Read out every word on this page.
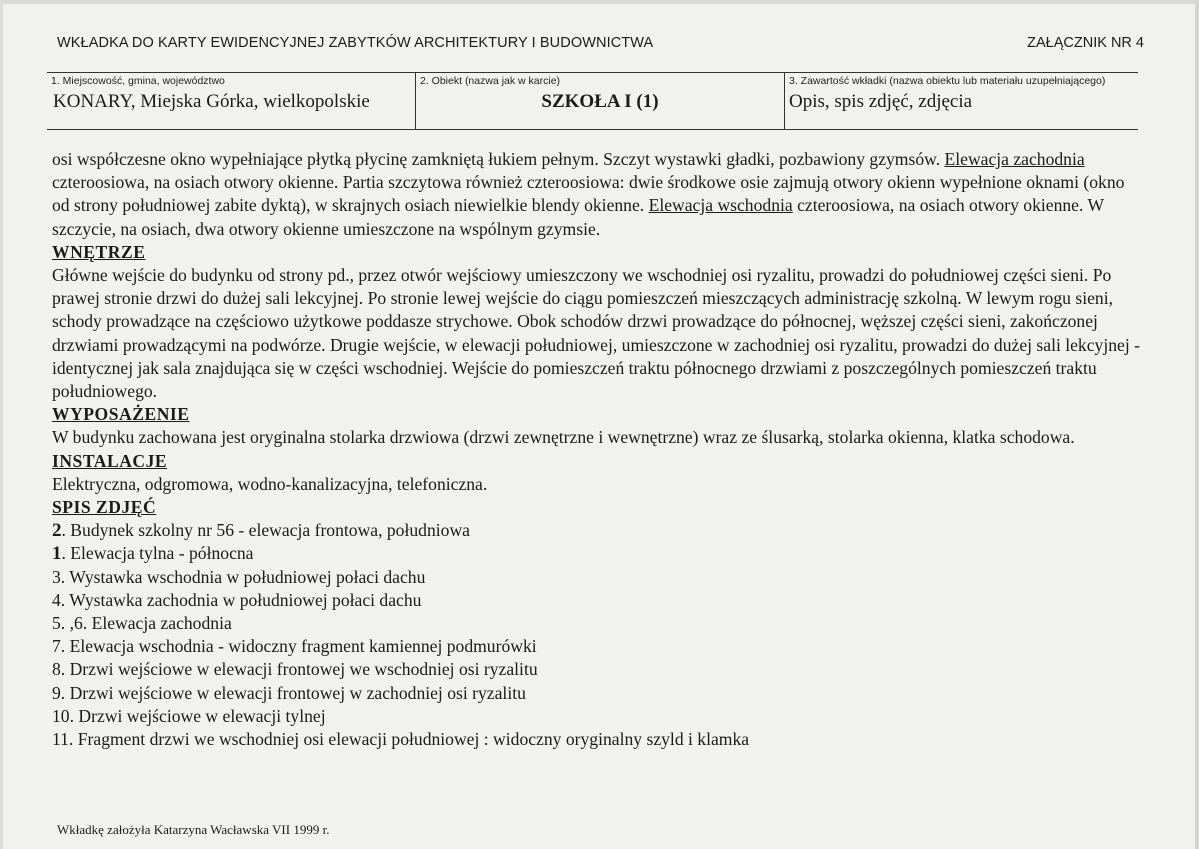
WKŁADKA DO KARTY EWIDENCYJNEJ ZABYTKÓW ARCHITEKTURY I BUDOWNICTWA	ZAŁĄCZNIK NR 4
1. Miejscowość, gmina, województwo
KONARY, Miejska Górka, wielkopolskie
2. Obiekt (nazwa jak w karcie)
SZKOŁA I (1)
3. Zawartość wkładki (nazwa obiektu lub materiału uzupełniającego)
Opis, spis zdjęć, zdjęcia

osi współczesne okno wypełniające płytką płycinę zamkniętą łukiem pełnym. Szczyt wystawki gładki, pozbawiony gzymsów. Elewacja zachodnia czteroosiowa, na osiach otwory okienne. Partia szczytowa również czteroosiowa: dwie środkowe osie zajmują otwory okienn wypełnione oknami (okno od strony południowej zabite dyktą), w skrajnych osiach niewielkie blendy okienne. Elewacja wschodnia czteroosiowa, na osiach otwory okienne. W szczycie, na osiach, dwa otwory okienne umieszczone na wspólnym gzymsie.

WNĘTRZE

Główne wejście do budynku od strony pd., przez otwór wejściowy umieszczony we wschodniej osi ryzalitu, prowadzi do południowej części sieni. Po prawej stronie drzwi do dużej sali lekcyjnej. Po stronie lewej wejście do ciągu pomieszczeń mieszczących administrację szkolną. W lewym rogu sieni, schody prowadzące na częściowo użytkowe poddasze strychowe. Obok schodów drzwi prowadzące do północnej, węższej części sieni, zakończonej drzwiami prowadzącymi na podwórze. Drugie wejście, w elewacji południowej, umieszczone w zachodniej osi ryzalitu, prowadzi do dużej sali lekcyjnej - identycznej jak sala znajdująca się w części wschodniej. Wejście do pomieszczeń traktu północnego drzwiami z poszczególnych pomieszczeń traktu południowego.

WYPOSAŻENIE

W budynku zachowana jest oryginalna stolarka drzwiowa (drzwi zewnętrzne i wewnętrzne) wraz ze ślusarką, stolarka okienna, klatka schodowa.

INSTALACJE

Elektryczna, odgromowa, wodno-kanalizacyjna, telefoniczna.

SPIS ZDJĘĆ

2. Budynek szkolny nr 56 - elewacja frontowa, południowa

1. Elewacja tylna - północna

3. Wystawka wschodnia w południowej połaci dachu

4. Wystawka zachodnia w południowej połaci dachu

5. ,6. Elewacja zachodnia

7. Elewacja wschodnia - widoczny fragment kamiennej podmurówki

8. Drzwi wejściowe w elewacji frontowej we wschodniej osi ryzalitu

9. Drzwi wejściowe w elewacji frontowej w zachodniej osi ryzalitu

10. Drzwi wejściowe w elewacji tylnej

11. Fragment drzwi we wschodniej osi elewacji południowej : widoczny oryginalny szyld i klamka

Wkładkę założyła Katarzyna Wacławska VII 1999 r.
